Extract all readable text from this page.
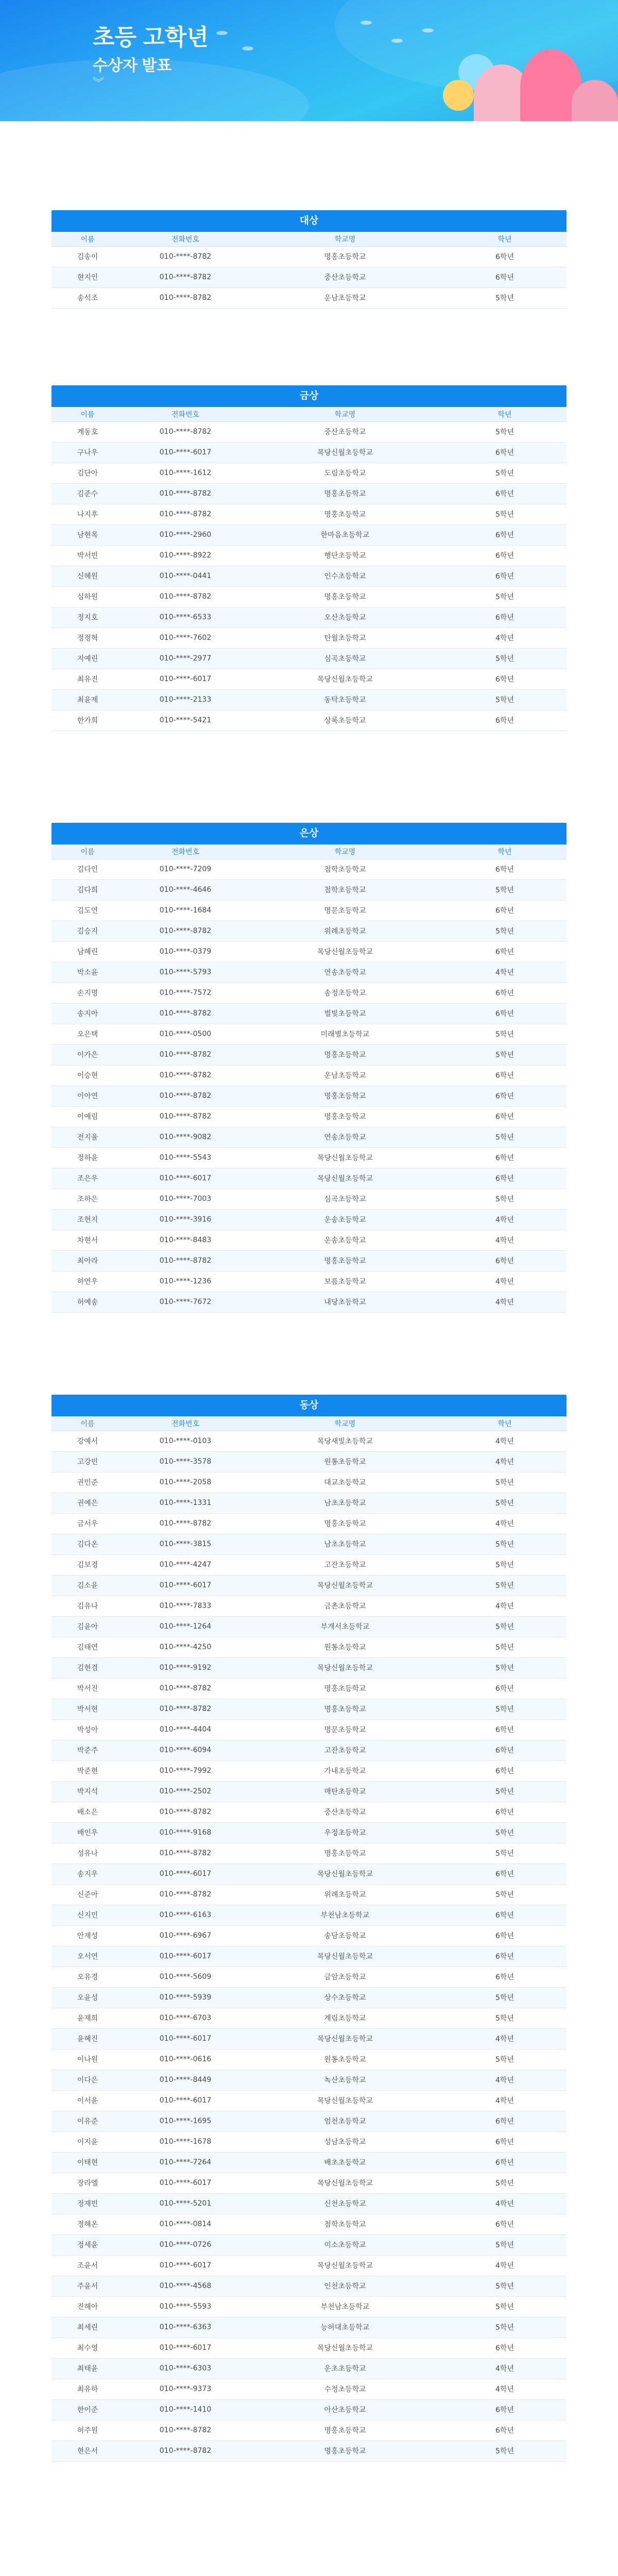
초등 고학년
수상자 발표
︾
대상
이름	전화번호	학교명	학년
김송이	010-****-8782	명홍초등학교	6학년
현지인	010-****-8782	중산초등학교	6학년
송석조	010-****-8782	운남초등학교	5학년
금상
이름	전화번호	학교명	학년
계동호	010-****-8782	중산초등학교	5학년
구나우	010-****-6017	목당신월초등학교	6학년
김단아	010-****-1612	도림초등학교	5학년
김준수	010-****-8782	명홍초등학교	6학년
나지후	010-****-8782	명홍초등학교	5학년
남현목	010-****-2960	한마음초등학교	6학년
박서빈	010-****-8922	행단초등학교	6학년
신혜원	010-****-0441	인수초등학교	6학년
심하원	010-****-8782	명홍초등학교	5학년
정지호	010-****-6533	오산초등학교	6학년
정정혁	010-****-7602	탄월초등학교	4학년
지예린	010-****-2977	심곡초등학교	5학년
최유진	010-****-6017	목당신월초등학교	6학년
최윤제	010-****-2133	동탁초등학교	5학년
한가희	010-****-5421	상록초등학교	6학년
은상
이름	전화번호	학교명	학년
김다인	010-****-7209	첨학초등학교	6학년
김다희	010-****-4646	첨학초등학교	5학년
김도연	010-****-1684	명문초등학교	6학년
김승지	010-****-8782	위례초등학교	5학년
남혜린	010-****-0379	목당신월초등학교	6학년
박소윤	010-****-5793	연송초등학교	4학년
손지명	010-****-7572	송정초등학교	6학년
송지아	010-****-8782	벌빛초등학교	6학년
오은택	010-****-0500	미래별초등학교	5학년
이가은	010-****-8782	명홍초등학교	5학년
이승현	010-****-8782	운남초등학교	6학년
이아연	010-****-8782	명홍초등학교	6학년
이예림	010-****-8782	명홍초등학교	6학년
전지율	010-****-9082	연송초등학교	5학년
정하윤	010-****-5543	목당신월초등학교	6학년
조은우	010-****-6017	목당신월초등학교	6학년
조하은	010-****-7003	심곡초등학교	5학년
조현지	010-****-3916	운송초등학교	4학년
차현서	010-****-8483	운송초등학교	4학년
최아라	010-****-8782	명홍초등학교	6학년
하연우	010-****-1236	보름초등학교	4학년
허예송	010-****-7672	내당초등학교	4학년
동상
이름	전화번호	학교명	학년
강예서	010-****-0103	목당새빛초등학교	4학년
고강빈	010-****-3578	원통초등학교	4학년
권민준	010-****-2058	대교초등학교	5학년
권예은	010-****-1331	남초초등학교	5학년
금서우	010-****-8782	명홍초등학교	4학년
김다온	010-****-3815	남초초등학교	5학년
김보경	010-****-4247	고잔초등학교	5학년
김소윤	010-****-6017	목당신월초등학교	5학년
김유나	010-****-7833	금촌초등학교	4학년
김윤아	010-****-1264	부개서초등학교	5학년
김태연	010-****-4250	원통초등학교	5학년
김현겸	010-****-9192	목당신월초등학교	5학년
박서진	010-****-8782	명홍초등학교	6학년
박서현	010-****-8782	명홍초등학교	5학년
박성아	010-****-4404	명문초등학교	6학년
박준주	010-****-6094	고잔초등학교	6학년
박준현	010-****-7992	가내초등학교	6학년
박지석	010-****-2502	매탄초등학교	5학년
배소은	010-****-8782	중산초등학교	6학년
배인우	010-****-9168	우정초등학교	5학년
성유나	010-****-8782	명홍초등학교	5학년
송지우	010-****-6017	목당신월초등학교	6학년
신준아	010-****-8782	위례초등학교	5학년
신지민	010-****-6163	부천남초등학교	6학년
안재성	010-****-6967	송담초등학교	6학년
오서연	010-****-6017	목당신월초등학교	6학년
오유경	010-****-5609	금암초등학교	6학년
오윤성	010-****-5939	상수초등학교	5학년
윤재희	010-****-6703	계림초등학교	5학년
윤혜진	010-****-6017	목당신월초등학교	4학년
이나원	010-****-0616	원통초등학교	5학년
이다은	010-****-8449	녹산초등학교	4학년
이서윤	010-****-6017	목당신월초등학교	4학년
이유준	010-****-1695	엄천초등학교	6학년
이지윤	010-****-1678	성남초등학교	6학년
이태현	010-****-7264	배초초등학교	6학년
장라엘	010-****-6017	목당신월초등학교	5학년
정재빈	010-****-5201	신천초등학교	4학년
정해온	010-****-0814	첨학초등학교	6학년
정세윤	010-****-0726	미소초등학교	5학년
조윤서	010-****-6017	목당신월초등학교	4학년
주윤서	010-****-4568	인천초등학교	5학년
진해아	010-****-5593	부천남초등학교	5학년
최세린	010-****-6363	능허대초등학교	5학년
최수영	010-****-6017	목당신월초등학교	6학년
최태윤	010-****-6303	운초초등학교	4학년
최유하	010-****-9373	수정초등학교	4학년
한이준	010-****-1410	아산초등학교	6학년
허주원	010-****-8782	명홍초등학교	6학년
현은서	010-****-8782	명홍초등학교	5학년
